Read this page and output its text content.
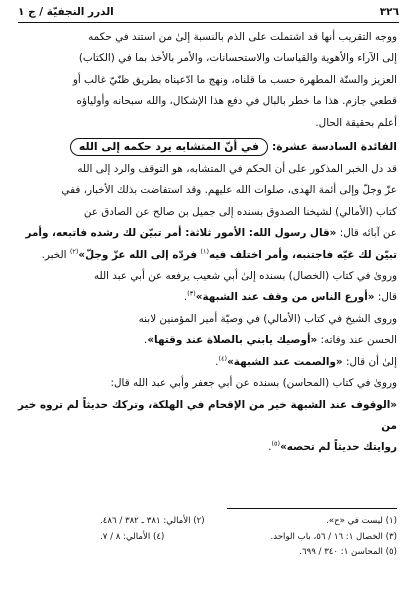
٣٢٦
الدرر النجفيّة / ج ١

ووجه التقريب أنها قد اشتملت على الذم بالنسبة إلىٰ من استند في حكمه

إلى الآراء والأهوية والقياسات والاستحسانات، والأمر بالأخذ بما في (الكتاب)

العزيز والسنّة المطهرة حسب ما قلناه، ونهج ما ادّعيناه بطريق ظنّيّ غالب أو

قطعي جازم. هذا ما خطر بالبال في دفع هذا الإشكال، والله سبحانه وأولياؤه

أعلم بحقيقة الحال.

الفائدة السادسة عشرة:
في أنّ المتشابه يرد حكمه إلى الله

قد دل الخبر المذكور على أن الحكم في المتشابه، هو التوقف والرد إلى الله

عزّ وجلّ وإلى أئمة الهدى، صلوات الله عليهم. وقد استفاضت بذلك الأخبار، ففي

كتاب (الأمالي) لشيخنا الصدوق بسنده إلى جميل بن صالح عن الصادق عن

عن آبائه قال: «قال رسول الله: الأمور ثلاثة: أمر تبيّن لك رشده فاتبعه، وأمر

تبيّن لك غيّه فاجتنبه، وأمر اختلف فيه$^{(١)}$ فردّه إلى الله عزّ وجلّ»$^{(٢)}$ الخبر.

وروىٰ في كتاب (الخصال) بسنده إلىٰ أبي شعيب يرفعه عن أبي عبد الله

قال: «أورع الناس من وقف عند الشبهة»$^{(٣)}$.

وروى الشيخ في كتاب (الأمالي) في وصيّة أمير المؤمنين لابنه

الحسن عند وفاته: «أوصيك يابني بالصلاة عند وقتها».

إلىٰ أن قال: «والصمت عند الشبهة»$^{(٤)}$.

وروىٰ في كتاب (المحاسن) بسنده عن أبي جعفر وأبي عبد الله قال:

«الوقوف عند الشبهة خير من الإقحام في الهلكة، وتركك حديثاً لم تروه خير من

روايتك حديثاً لم تحصه»$^{(٥)}$.

(١) ليست في «ح».
(٢) الأمالي: ٣٨١ ـ ٣٨٢ / ٤٨٦.
(٣) الخصال ١: ١٦ / ٥٦، باب الواحد.
(٤) الأمالي: ٨ / ٧.
(٥) المحاسن ١: ٣٤٠ / ٦٩٩.
